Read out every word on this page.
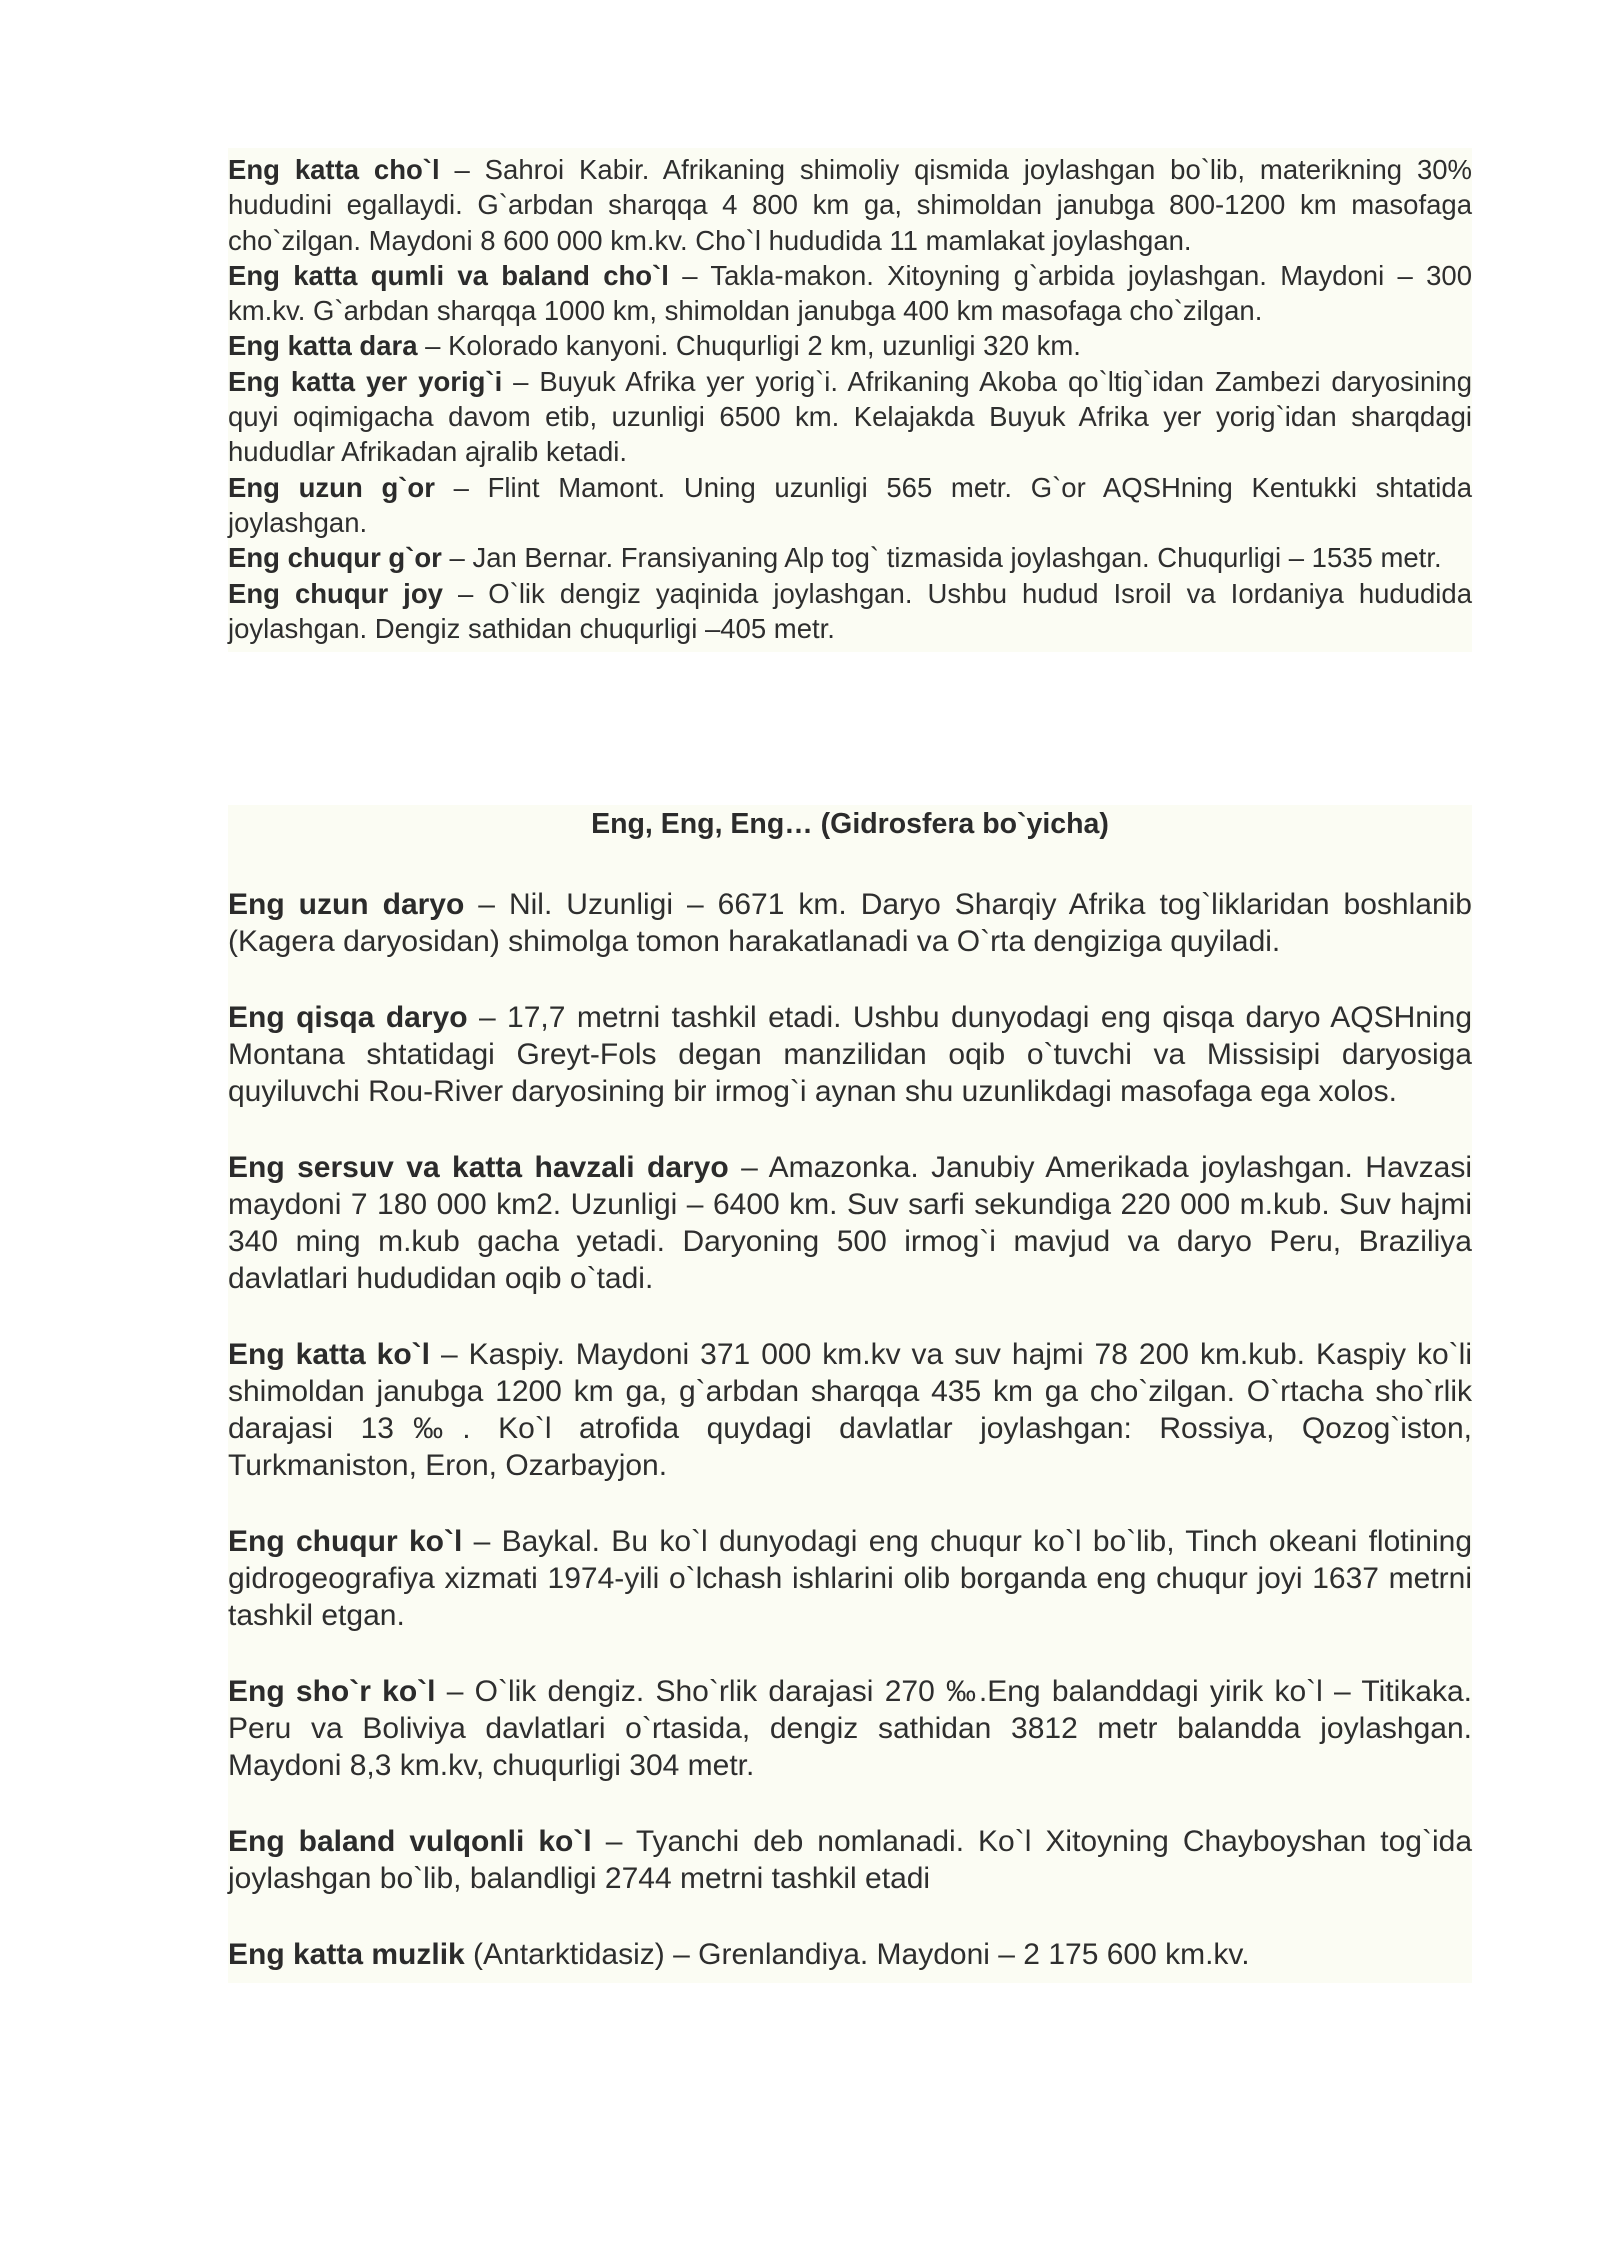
Eng katta cho`l – Sahroi Kabir. Afrikaning shimoliy qismida joylashgan bo`lib, materikning 30% hududini egallaydi. G`arbdan sharqqa 4 800 km ga, shimoldan janubga 800-1200 km masofaga cho`zilgan. Maydoni 8 600 000 km.kv. Cho`l hududida 11 mamlakat joylashgan.

Eng katta qumli va baland cho`l – Takla-makon. Xitoyning g`arbida joylashgan. Maydoni – 300 km.kv. G`arbdan sharqqa 1000 km, shimoldan janubga 400 km masofaga cho`zilgan.

Eng katta dara – Kolorado kanyoni. Chuqurligi 2 km, uzunligi 320 km.

Eng katta yer yorig`i – Buyuk Afrika yer yorig`i. Afrikaning Akoba qo`ltig`idan Zambezi daryosining quyi oqimigacha davom etib, uzunligi 6500 km. Kelajakda Buyuk Afrika yer yorig`idan sharqdagi hududlar Afrikadan ajralib ketadi.

Eng uzun g`or – Flint Mamont. Uning uzunligi 565 metr. G`or AQSHning Kentukki shtatida joylashgan.

Eng chuqur g`or – Jan Bernar. Fransiyaning Alp tog` tizmasida joylashgan. Chuqurligi – 1535 metr.

Eng chuqur joy – O`lik dengiz yaqinida joylashgan. Ushbu hudud Isroil va Iordaniya hududida joylashgan. Dengiz sathidan chuqurligi –405 metr.

Eng, Eng, Eng… (Gidrosfera bo`yicha)

Eng uzun daryo – Nil. Uzunligi – 6671 km. Daryo Sharqiy Afrika tog`liklaridan boshlanib (Kagera daryosidan) shimolga tomon harakatlanadi va O`rta dengiziga quyiladi.

Eng qisqa daryo – 17,7 metrni tashkil etadi. Ushbu dunyodagi eng qisqa daryo AQSHning Montana shtatidagi Greyt-Fols degan manzilidan oqib o`tuvchi va Missisipi daryosiga quyiluvchi Rou-River daryosining bir irmog`i aynan shu uzunlikdagi masofaga ega xolos.

Eng sersuv va katta havzali daryo – Amazonka. Janubiy Amerikada joylashgan. Havzasi maydoni 7 180 000 km2. Uzunligi – 6400 km. Suv sarfi sekundiga 220 000 m.kub. Suv hajmi 340 ming m.kub gacha yetadi. Daryoning 500 irmog`i mavjud va daryo Peru, Braziliya davlatlari hududidan oqib o`tadi.

Eng katta ko`l – Kaspiy. Maydoni 371 000 km.kv va suv hajmi 78 200 km.kub. Kaspiy ko`li shimoldan janubga 1200 km ga, g`arbdan sharqqa 435 km ga cho`zilgan. O`rtacha sho`rlik darajasi 13‰. Ko`l atrofida quydagi davlatlar joylashgan: Rossiya, Qozog`iston, Turkmaniston, Eron, Ozarbayjon.

Eng chuqur ko`l – Baykal. Bu ko`l dunyodagi eng chuqur ko`l bo`lib, Tinch okeani flotining gidrogeografiya xizmati 1974-yili o`lchash ishlarini olib borganda eng chuqur joyi 1637 metrni tashkil etgan.

Eng sho`r ko`l – O`lik dengiz. Sho`rlik darajasi 270 ‰.Eng balanddagi yirik ko`l – Titikaka. Peru va Boliviya davlatlari o`rtasida, dengiz sathidan 3812 metr balandda joylashgan. Maydoni 8,3 km.kv, chuqurligi 304 metr.

Eng baland vulqonli ko`l – Tyanchi deb nomlanadi. Ko`l Xitoyning Chayboyshan tog`ida joylashgan bo`lib, balandligi 2744 metrni tashkil etadi

Eng katta muzlik (Antarktidasiz) – Grenlandiya. Maydoni – 2 175 600 km.kv.
